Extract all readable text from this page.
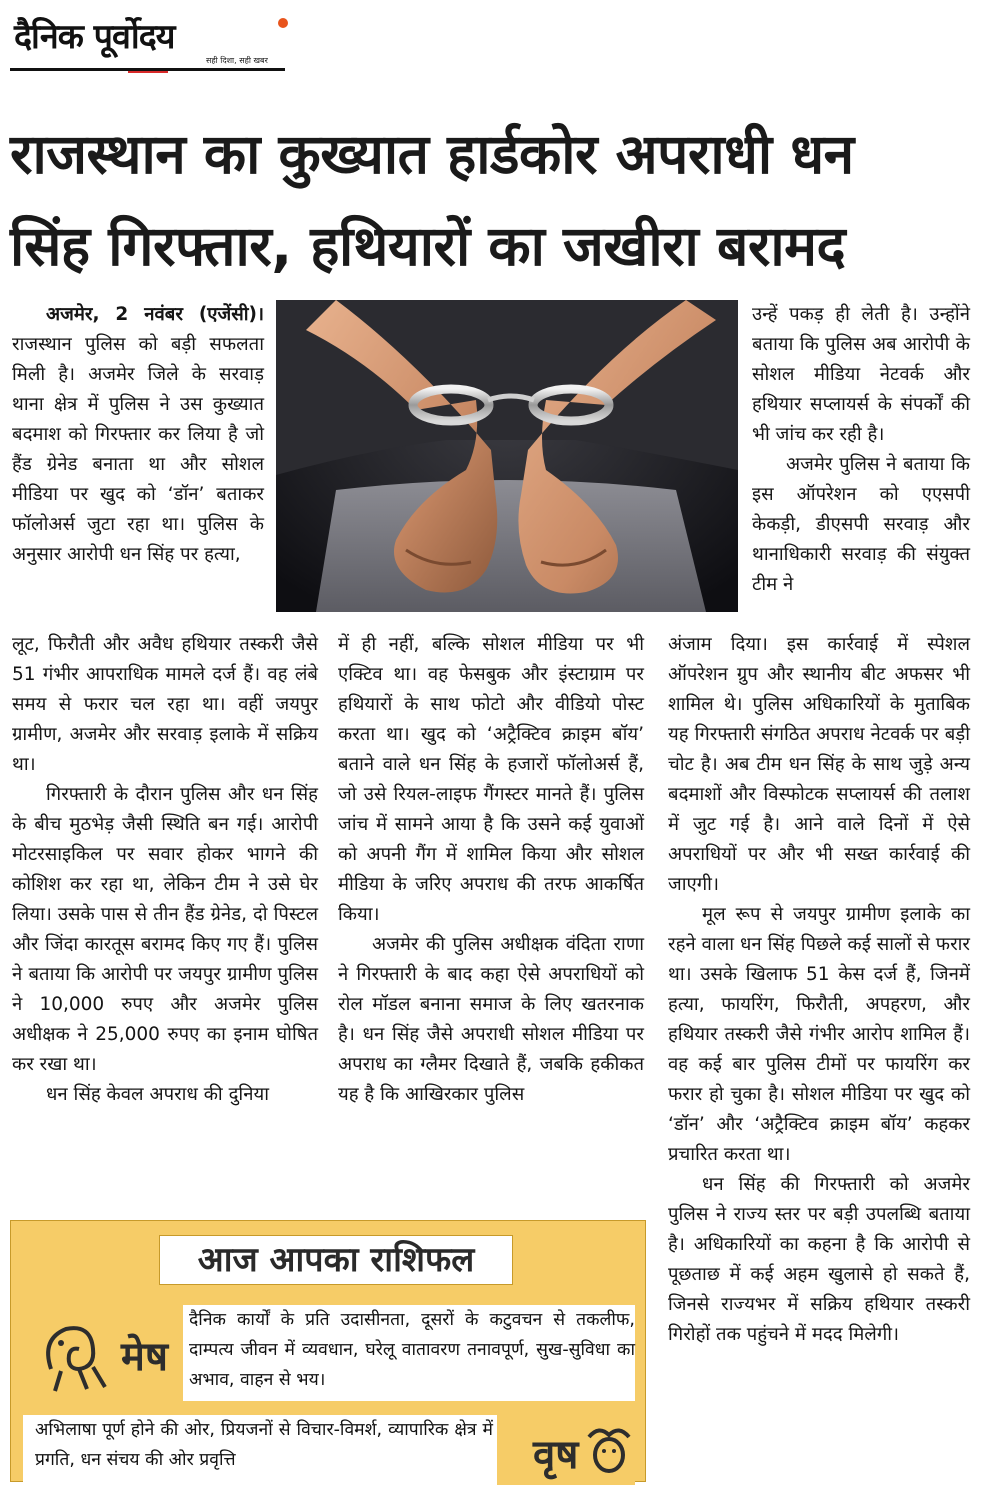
दैनिक पूर्वोदय
सही दिशा, सही खबर
राजस्थान का कुख्यात हार्डकोर अपराधी धन
सिंह गिरफ्तार, हथियारों का जखीरा बरामद

अजमेर, 2 नवंबर (एजेंसी)। राजस्थान पुलिस को बड़ी सफलता मिली है। अजमेर जिले के सरवाड़ थाना क्षेत्र में पुलिस ने उस कुख्यात बदमाश को गिरफ्तार कर लिया है जो हैंड ग्रेनेड बनाता था और सोशल मीडिया पर खुद को ‘डॉन’ बताकर फॉलोअर्स जुटा रहा था। पुलिस के अनुसार आरोपी धन सिंह पर हत्या,

लूट, फिरौती और अवैध हथियार तस्करी जैसे 51 गंभीर आपराधिक मामले दर्ज हैं। वह लंबे समय से फरार चल रहा था। वहीं जयपुर ग्रामीण, अजमेर और सरवाड़ इलाके में सक्रिय था।

गिरफ्तारी के दौरान पुलिस और धन सिंह के बीच मुठभेड़ जैसी स्थिति बन गई। आरोपी मोटरसाइकिल पर सवार होकर भागने की कोशिश कर रहा था, लेकिन टीम ने उसे घेर लिया। उसके पास से तीन हैंड ग्रेनेड, दो पिस्टल और जिंदा कारतूस बरामद किए गए हैं। पुलिस ने बताया कि आरोपी पर जयपुर ग्रामीण पुलिस ने 10,000 रुपए और अजमेर पुलिस अधीक्षक ने 25,000 रुपए का इनाम घोषित कर रखा था।

धन सिंह केवल अपराध की दुनिया

में ही नहीं, बल्कि सोशल मीडिया पर भी एक्टिव था। वह फेसबुक और इंस्टाग्राम पर हथियारों के साथ फोटो और वीडियो पोस्ट करता था। खुद को ‘अट्रैक्टिव क्राइम बॉय’ बताने वाले धन सिंह के हजारों फॉलोअर्स हैं, जो उसे रियल-लाइफ गैंगस्टर मानते हैं। पुलिस जांच में सामने आया है कि उसने कई युवाओं को अपनी गैंग में शामिल किया और सोशल मीडिया के जरिए अपराध की तरफ आकर्षित किया।

अजमेर की पुलिस अधीक्षक वंदिता राणा ने गिरफ्तारी के बाद कहा ऐसे अपराधियों को रोल मॉडल बनाना समाज के लिए खतरनाक है। धन सिंह जैसे अपराधी सोशल मीडिया पर अपराध का ग्लैमर दिखाते हैं, जबकि हकीकत यह है कि आखिरकार पुलिस

उन्हें पकड़ ही लेती है। उन्होंने बताया कि पुलिस अब आरोपी के सोशल मीडिया नेटवर्क और हथियार सप्लायर्स के संपर्कों की भी जांच कर रही है।

अजमेर पुलिस ने बताया कि इस ऑपरेशन को एएसपी केकड़ी, डीएसपी सरवाड़ और थानाधिकारी सरवाड़ की संयुक्त टीम ने

अंजाम दिया। इस कार्रवाई में स्पेशल ऑपरेशन ग्रुप और स्थानीय बीट अफसर भी शामिल थे। पुलिस अधिकारियों के मुताबिक यह गिरफ्तारी संगठित अपराध नेटवर्क पर बड़ी चोट है। अब टीम धन सिंह के साथ जुड़े अन्य बदमाशों और विस्फोटक सप्लायर्स की तलाश में जुट गई है। आने वाले दिनों में ऐसे अपराधियों पर और भी सख्त कार्रवाई की जाएगी।

मूल रूप से जयपुर ग्रामीण इलाके का रहने वाला धन सिंह पिछले कई सालों से फरार था। उसके खिलाफ 51 केस दर्ज हैं, जिनमें हत्या, फायरिंग, फिरौती, अपहरण, और हथियार तस्करी जैसे गंभीर आरोप शामिल हैं। वह कई बार पुलिस टीमों पर फायरिंग कर फरार हो चुका है। सोशल मीडिया पर खुद को ‘डॉन’ और ‘अट्रैक्टिव क्राइम बॉय’ कहकर प्रचारित करता था।

धन सिंह की गिरफ्तारी को अजमेर पुलिस ने राज्य स्तर पर बड़ी उपलब्धि बताया है। अधिकारियों का कहना है कि आरोपी से पूछताछ में कई अहम खुलासे हो सकते हैं, जिनसे राज्यभर में सक्रिय हथियार तस्करी गिरोहों तक पहुंचने में मदद मिलेगी।

आज आपका राशिफल
मेष
दैनिक कार्यों के प्रति उदासीनता, दूसरों के कटुवचन से तकलीफ, दाम्पत्य जीवन में व्यवधान, घरेलू वातावरण तनावपूर्ण, सुख-सुविधा का अभाव, वाहन से भय।
अभिलाषा पूर्ण होने की ओर, प्रियजनों से विचार-विमर्श, व्यापारिक क्षेत्र में प्रगति, धन संचय की ओर प्रवृत्ति	वृष
